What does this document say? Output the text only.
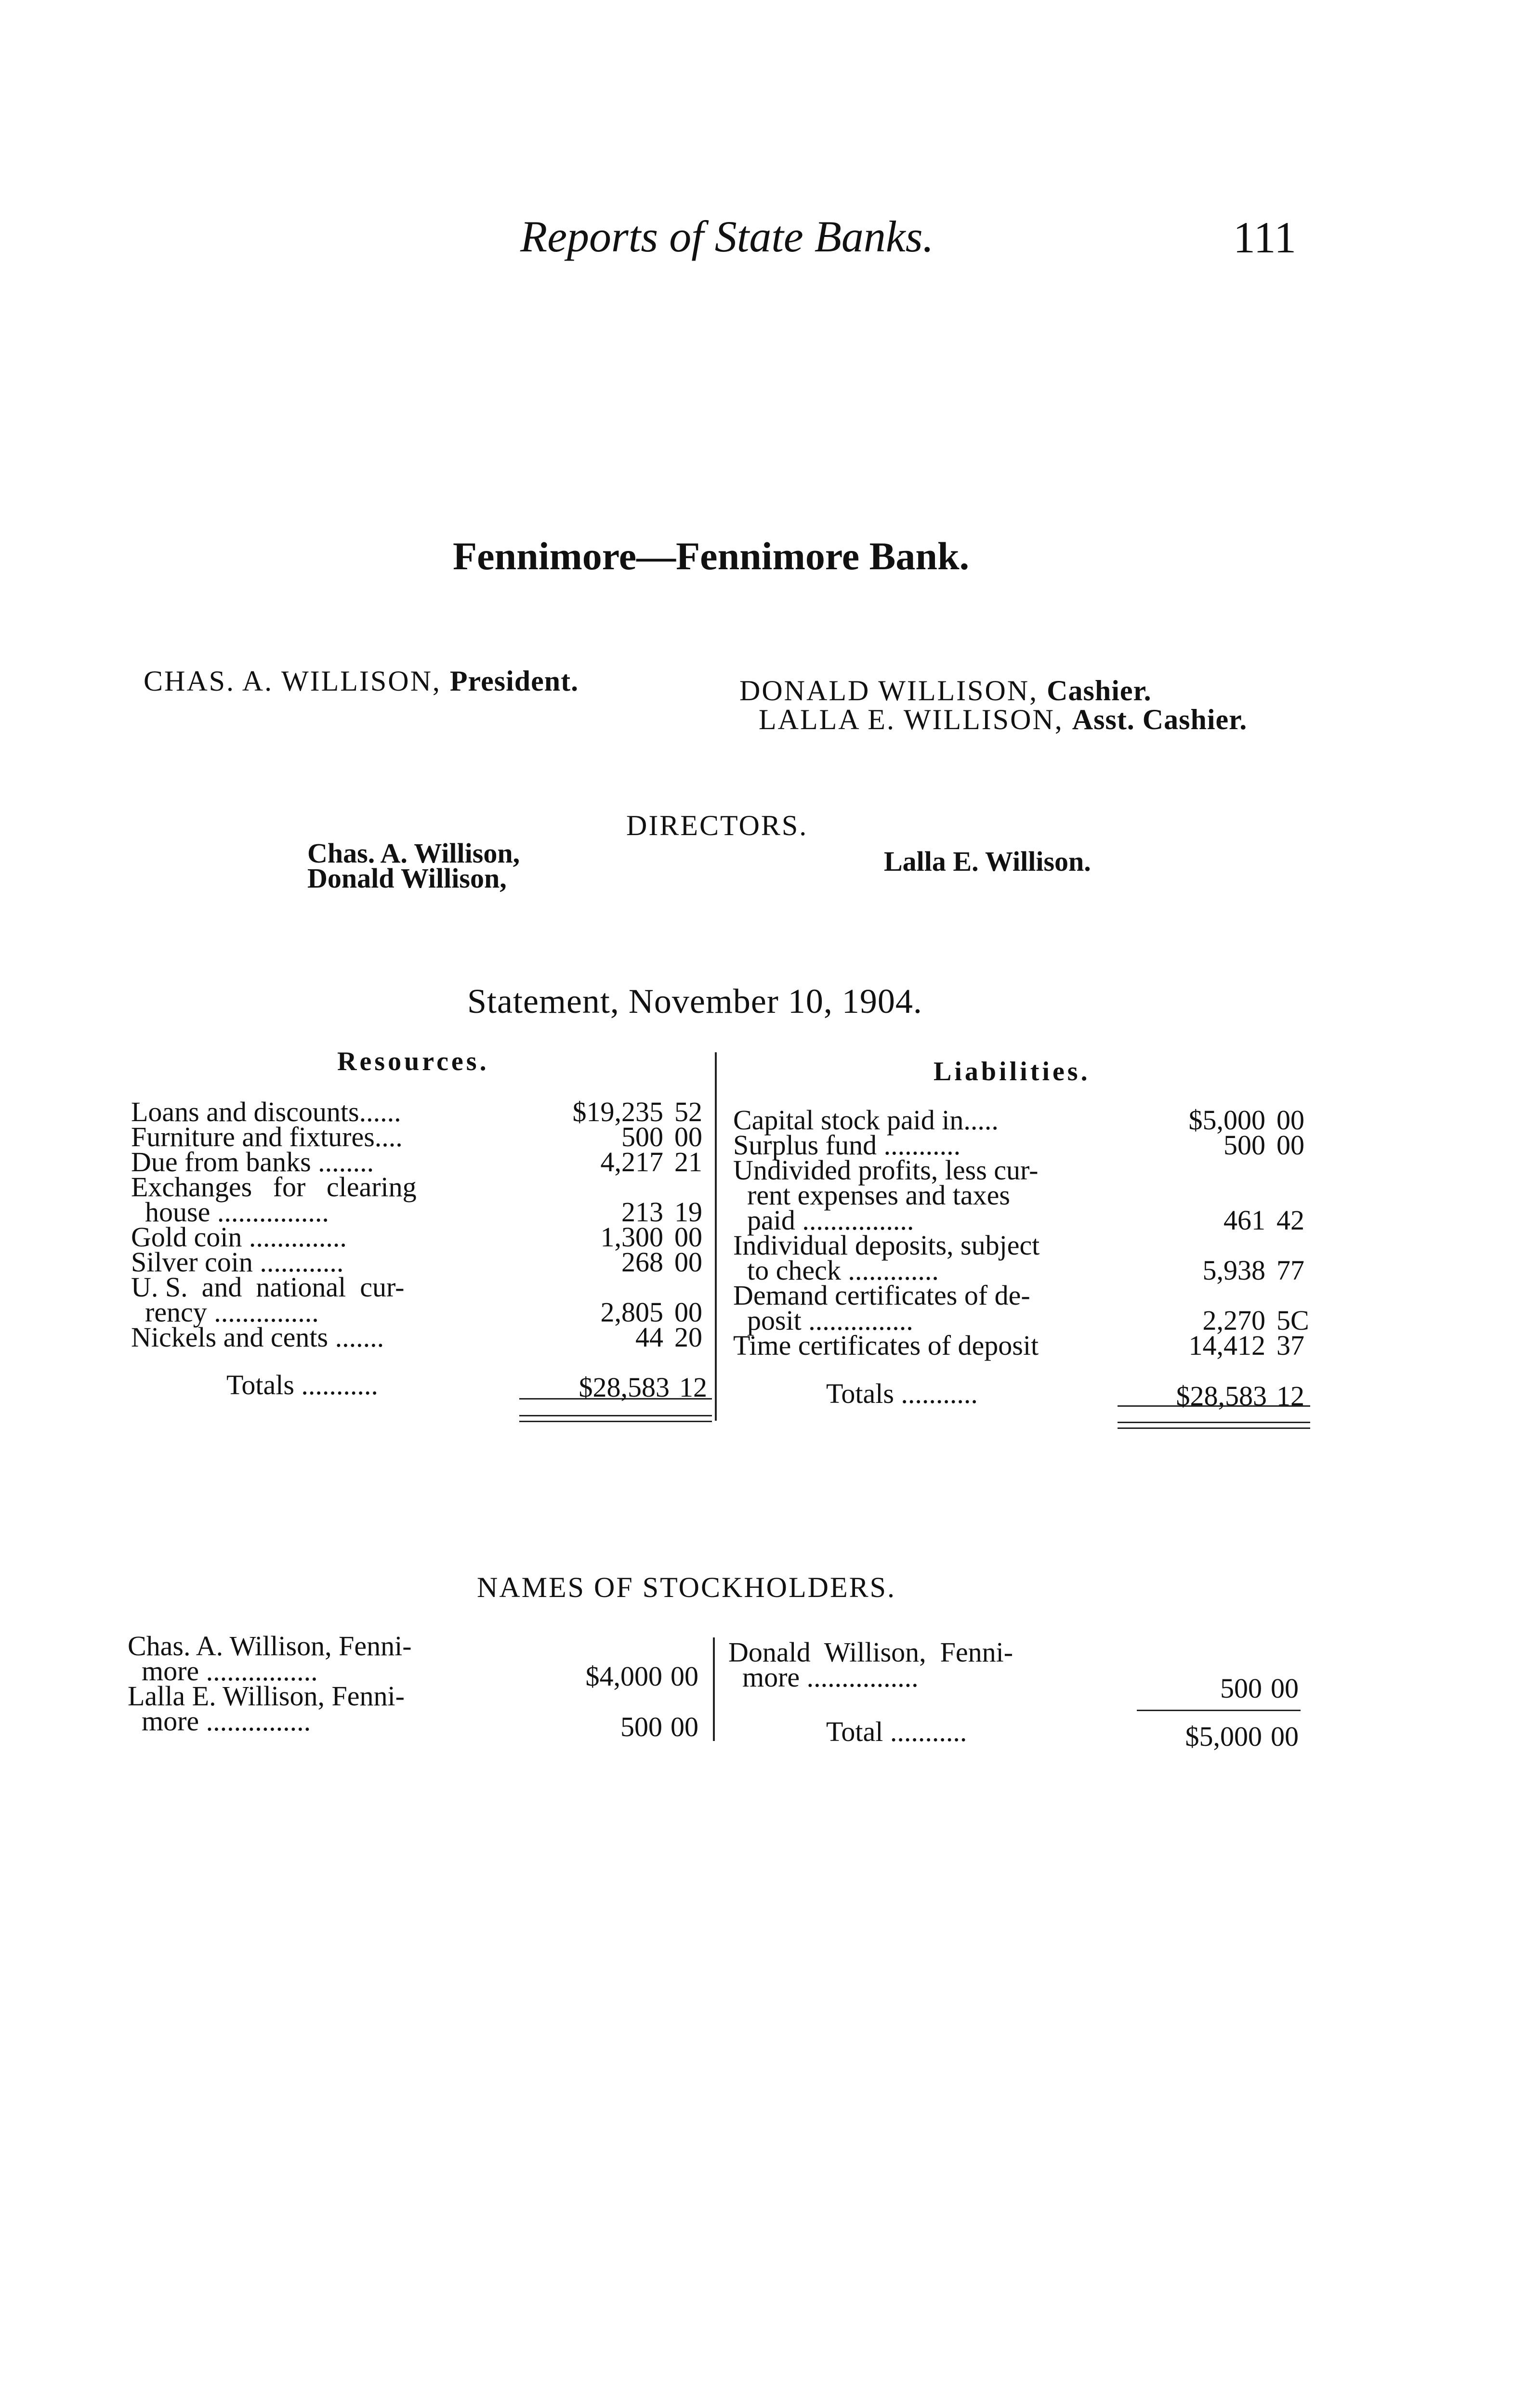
Reports of State Banks.	111
Fennimore—Fennimore Bank.
CHAS. A. WILLISON, President.	DONALD WILLISON, Cashier.
LALLA E. WILLISON, Asst. Cashier.
DIRECTORS.
Chas. A. Willison,
Donald Willison,
Lalla E. Willison.
Statement, November 10, 1904.
Resources.	Liabilities.
Loans and discounts......	$19,235 52
Furniture and fixtures....	500 00
Due from banks ........	4,217 21
Exchanges   for   clearing
house ................	213 19
Gold coin ..............	1,300 00
Silver coin ............	268 00
U. S.  and  national  cur-
rency ...............	2,805 00
Nickels and cents .......	44 20
Capital stock paid in.....	$5,000 00
Surplus fund ...........	500 00
Undivided profits, less cur-
rent expenses and taxes
paid ................	461 42
Individual deposits, subject
to check .............	5,938 77
Demand certificates of de-
posit ...............	2,270 5C
Time certificates of deposit	14,412 37
Totals ...........	$28,583 12	Totals ...........	$28,583 12
NAMES OF STOCKHOLDERS.
Chas. A. Willison, Fenni-
more ................	$4,000 00
Lalla E. Willison, Fenni-
more ...............	500 00
Donald  Willison,  Fenni-
more ................	500 00
Total ...........	$5,000 00
